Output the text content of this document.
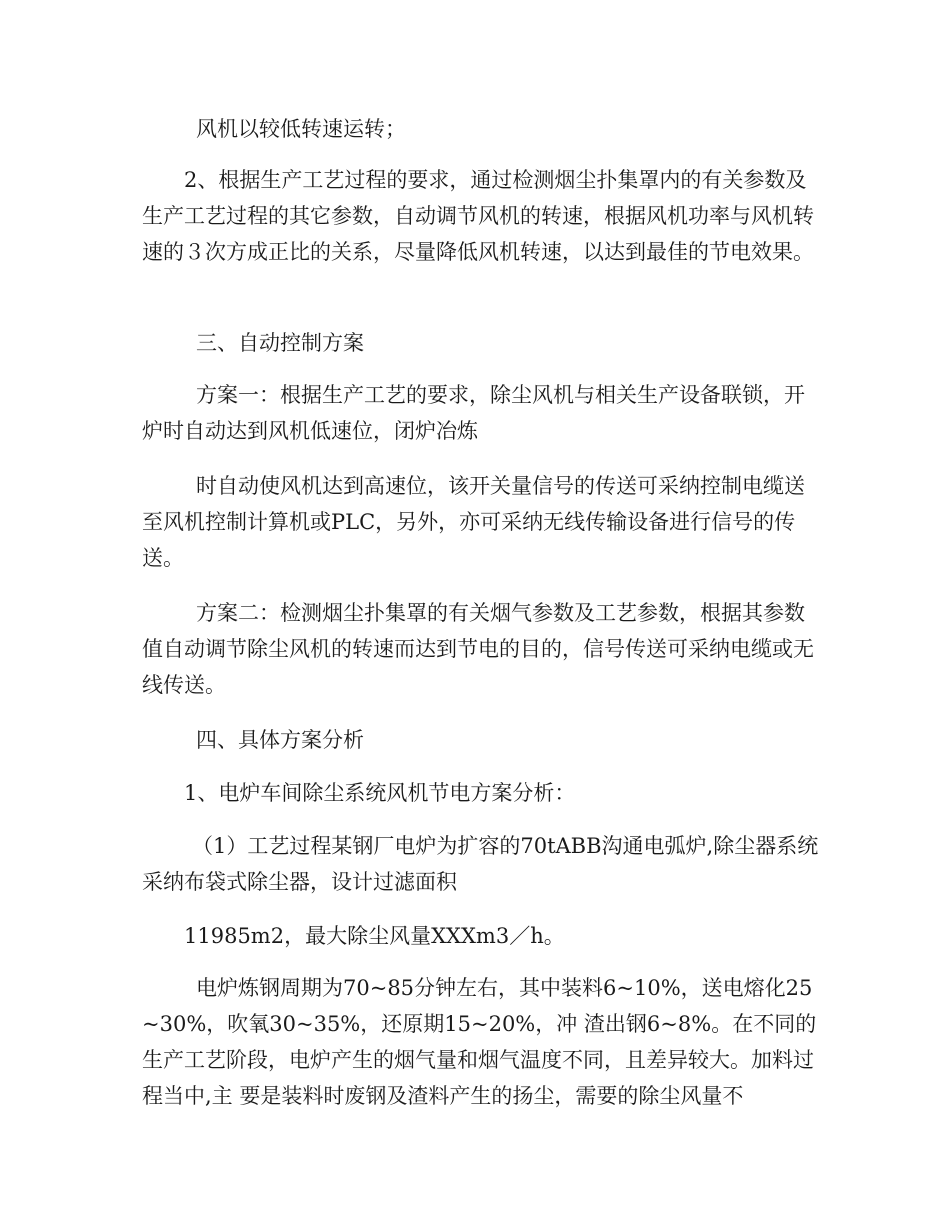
风机以较低转速运转；

2、根据生产工艺过程的要求，通过检测烟尘扑集罩内的有关参数及生产工艺过程的其它参数，自动调节风机的转速，根据风机功率与风机转速的３次方成正比的关系，尽量降低风机转速，以达到最佳的节电效果。

三、自动控制方案

方案一：根据生产工艺的要求，除尘风机与相关生产设备联锁，开炉时自动达到风机低速位，闭炉冶炼

时自动使风机达到高速位，该开关量信号的传送可采纳控制电缆送至风机控制计算机或PLC，另外，亦可采纳无线传输设备进行信号的传送。

方案二：检测烟尘扑集罩的有关烟气参数及工艺参数，根据其参数值自动调节除尘风机的转速而达到节电的目的，信号传送可采纳电缆或无线传送。

四、具体方案分析

1、电炉车间除尘系统风机节电方案分析：

（1）工艺过程某钢厂电炉为扩容的70tABB沟通电弧炉,除尘器系统采纳布袋式除尘器，设计过滤面积

11985m2，最大除尘风量XXXm3／h。

电炉炼钢周期为70~85分钟左右，其中装料6~10%，送电熔化25~30%，吹氧30~35%，还原期15~20%，冲 渣出钢6~8%。在不同的生产工艺阶段，电炉产生的烟气量和烟气温度不同，且差异较大。加料过程当中,主 要是装料时废钢及渣料产生的扬尘，需要的除尘风量不
